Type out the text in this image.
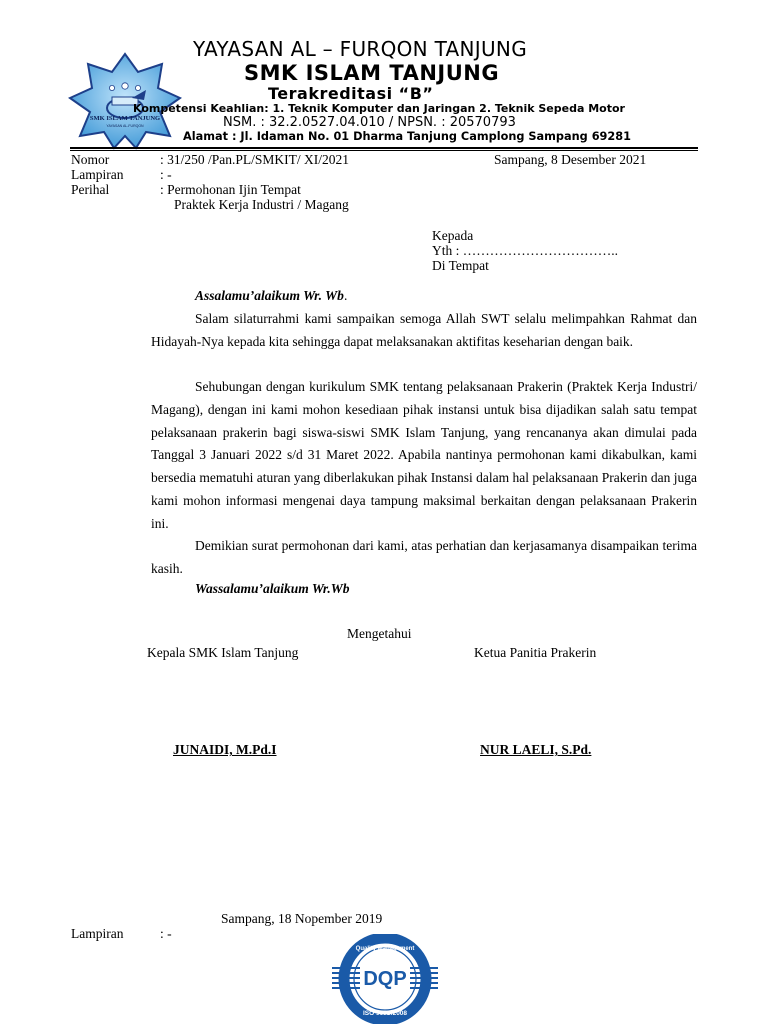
SMK ISLAM TANJUNG
YAYASAN AL-FURQON
YAYASAN AL – FURQON TANJUNG
SMK ISLAM TANJUNG
Terakreditasi “B”
Kompetensi Keahlian: 1. Teknik Komputer dan Jaringan 2. Teknik Sepeda Motor
NSM. : 32.2.0527.04.010 / NPSN. : 20570793
Alamat : Jl. Idaman No. 01 Dharma Tanjung Camplong Sampang 69281
Nomor	: 31/250 /Pan.PL/SMKIT/ XI/2021	Sampang, 8 Desember 2021
Lampiran	: -
Perihal	: Permohonan Ijin Tempat
Praktek Kerja Industri / Magang
Kepada
Yth : ……………………………..
Di Tempat
Assalamu’alaikum Wr. Wb.
Salam silaturrahmi kami sampaikan semoga Allah SWT selalu melimpahkan Rahmat dan Hidayah-Nya kepada kita sehingga dapat melaksanakan aktifitas keseharian dengan baik.
Sehubungan dengan kurikulum SMK tentang pelaksanaan Prakerin (Praktek Kerja Industri/ Magang), dengan ini kami mohon kesediaan pihak instansi untuk bisa dijadikan salah satu tempat pelaksanaan prakerin bagi siswa-siswi SMK Islam Tanjung, yang rencananya akan dimulai pada Tanggal 3 Januari 2022 s/d 31 Maret 2022. Apabila nantinya permohonan kami dikabulkan, kami bersedia mematuhi aturan yang diberlakukan pihak Instansi dalam hal pelaksanaan Prakerin dan juga kami mohon informasi mengenai daya tampung maksimal berkaitan dengan pelaksanaan Prakerin ini.
Demikian surat permohonan dari kami, atas perhatian dan kerjasamanya disampaikan terima kasih.
Wassalamu’alaikum Wr.Wb
Mengetahui
Kepala SMK Islam Tanjung	Ketua Panitia Prakerin
JUNAIDI, M.Pd.I	NUR LAELI, S.Pd.
Sampang, 18 Nopember 2019
Lampiran	: -
DQP
Quality Management
ISO 9001:2008
